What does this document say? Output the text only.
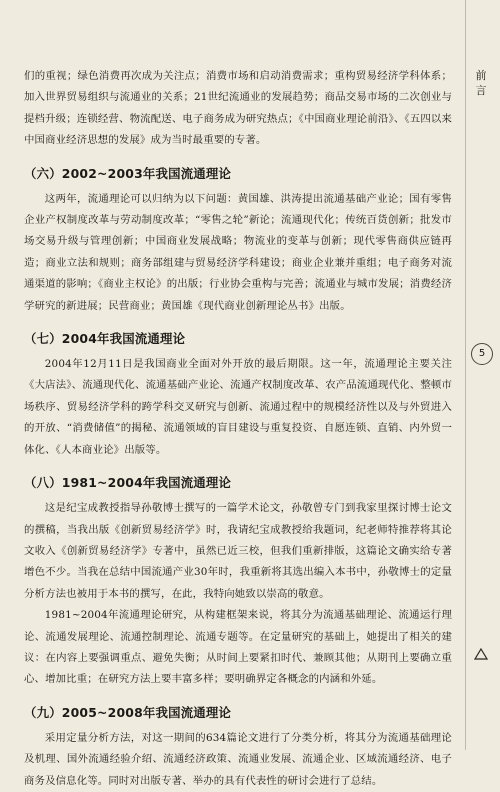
们的重视；绿色消费再次成为关注点；消费市场和启动消费需求；重构贸易经济学科体系；加入世界贸易组织与流通业的关系；21世纪流通业的发展趋势；商品交易市场的二次创业与提档升级；连锁经营、物流配送、电子商务成为研究热点；《中国商业理论前沿》、《五四以来中国商业经济思想的发展》成为当时最重要的专著。

（六）2002~2003年我国流通理论

这两年，流通理论可以归纳为以下问题：黄国雄、洪涛提出流通基础产业论；国有零售企业产权制度改革与劳动制度改革；“零售之轮”新论；流通现代化；传统百货创新；批发市场交易升级与管理创新；中国商业发展战略；物流业的变革与创新；现代零售商供应链再造；商业立法和规则；商务部组建与贸易经济学科建设；商业企业兼并重组；电子商务对流通渠道的影响；《商业主权论》的出版；行业协会重构与完善；流通业与城市发展；消费经济学研究的新进展；民营商业；黄国雄《现代商业创新理论丛书》出版。

（七）2004年我国流通理论

2004年12月11日是我国商业全面对外开放的最后期限。这一年，流通理论主要关注《大店法》、流通现代化、流通基础产业论、流通产权制度改革、农产品流通现代化、整顿市场秩序、贸易经济学科的跨学科交叉研究与创新、流通过程中的规模经济性以及与外贸进入的开放、“消费储值”的揭秘、流通领域的盲目建设与重复投资、自愿连锁、直销、内外贸一体化、《人本商业论》出版等。

（八）1981~2004年我国流通理论

这是纪宝成教授指导孙敬博士撰写的一篇学术论文，孙敬曾专门到我家里探讨博士论文的撰稿，当我出版《创新贸易经济学》时，我请纪宝成教授给我题词，纪老师特推荐将其论文收入《创新贸易经济学》专著中，虽然已近三校，但我们重新排版，这篇论文确实给专著增色不少。当我在总结中国流通产业30年时，我重新将其选出编入本书中，孙敬博士的定量分析方法也被用于本书的撰写，在此，我特向她致以崇高的敬意。

1981~2004年流通理论研究，从构建框架来说，将其分为流通基础理论、流通运行理论、流通发展理论、流通控制理论、流通专题等。在定量研究的基础上，她提出了相关的建议：在内容上要强调重点、避免失衡；从时间上要紧扣时代、兼顾其他；从期刊上要确立重心、增加比重；在研究方法上要丰富多样；要明确界定各概念的内涵和外延。

（九）2005~2008年我国流通理论

采用定量分析方法，对这一期间的634篇论文进行了分类分析，将其分为流通基础理论及机理、国外流通经验介绍、流通经济政策、流通业发展、流通企业、区域流通经济、电子商务及信息化等。同时对出版专著、举办的具有代表性的研讨会进行了总结。

前言
5
